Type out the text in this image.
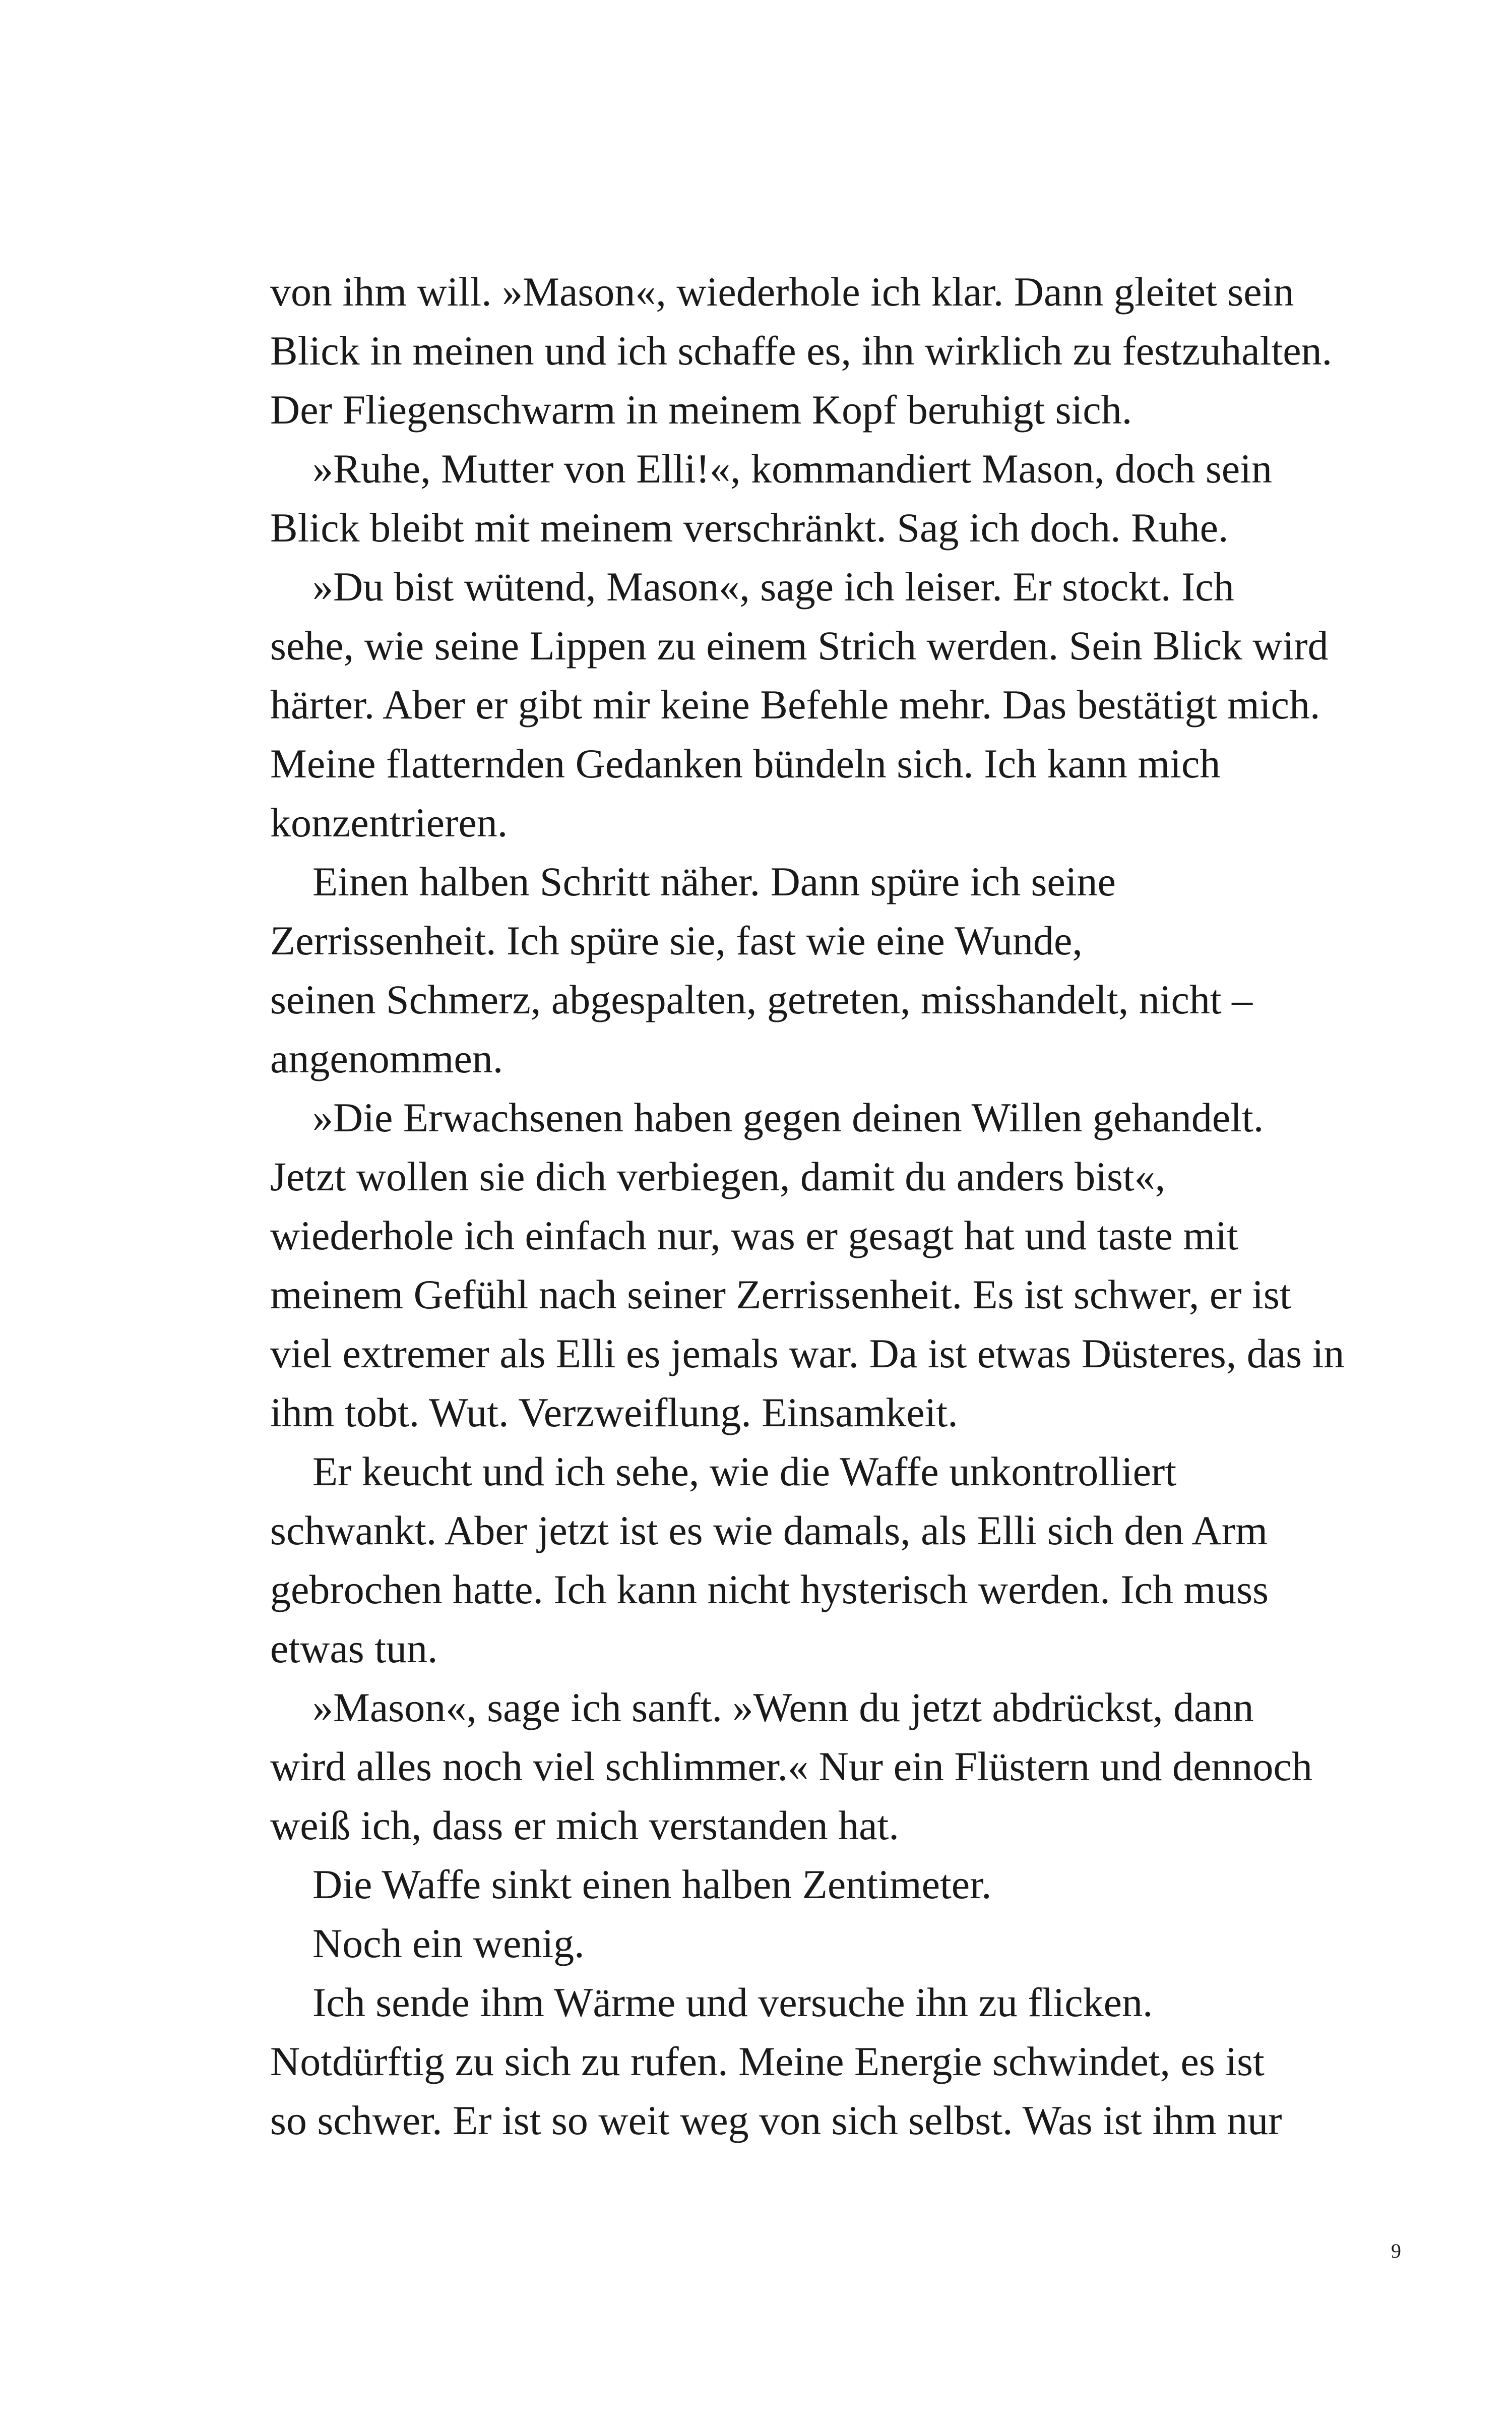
von ihm will. »Mason«, wiederhole ich klar. Dann gleitet sein

Blick in meinen und ich schaffe es, ihn wirklich zu festzuhalten.

Der Fliegenschwarm in meinem Kopf beruhigt sich.

»Ruhe, Mutter von Elli!«, kommandiert Mason, doch sein

Blick bleibt mit meinem verschränkt. Sag ich doch. Ruhe.

»Du bist wütend, Mason«, sage ich leiser. Er stockt. Ich

sehe, wie seine Lippen zu einem Strich werden. Sein Blick wird

härter. Aber er gibt mir keine Befehle mehr. Das bestätigt mich.

Meine flatternden Gedanken bündeln sich. Ich kann mich

konzentrieren.

Einen halben Schritt näher. Dann spüre ich seine

Zerrissenheit. Ich spüre sie, fast wie eine Wunde,

seinen Schmerz, abgespalten, getreten, misshandelt, nicht –

angenommen.

»Die Erwachsenen haben gegen deinen Willen gehandelt.

Jetzt wollen sie dich verbiegen, damit du anders bist«,

wiederhole ich einfach nur, was er gesagt hat und taste mit

meinem Gefühl nach seiner Zerrissenheit. Es ist schwer, er ist

viel extremer als Elli es jemals war. Da ist etwas Düsteres, das in

ihm tobt. Wut. Verzweiflung. Einsamkeit.

Er keucht und ich sehe, wie die Waffe unkontrolliert

schwankt. Aber jetzt ist es wie damals, als Elli sich den Arm

gebrochen hatte. Ich kann nicht hysterisch werden. Ich muss

etwas tun.

»Mason«, sage ich sanft. »Wenn du jetzt abdrückst, dann

wird alles noch viel schlimmer.« Nur ein Flüstern und dennoch

weiß ich, dass er mich verstanden hat.

Die Waffe sinkt einen halben Zentimeter.

Noch ein wenig.

Ich sende ihm Wärme und versuche ihn zu flicken.

Notdürftig zu sich zu rufen. Meine Energie schwindet, es ist

so schwer. Er ist so weit weg von sich selbst. Was ist ihm nur

9
